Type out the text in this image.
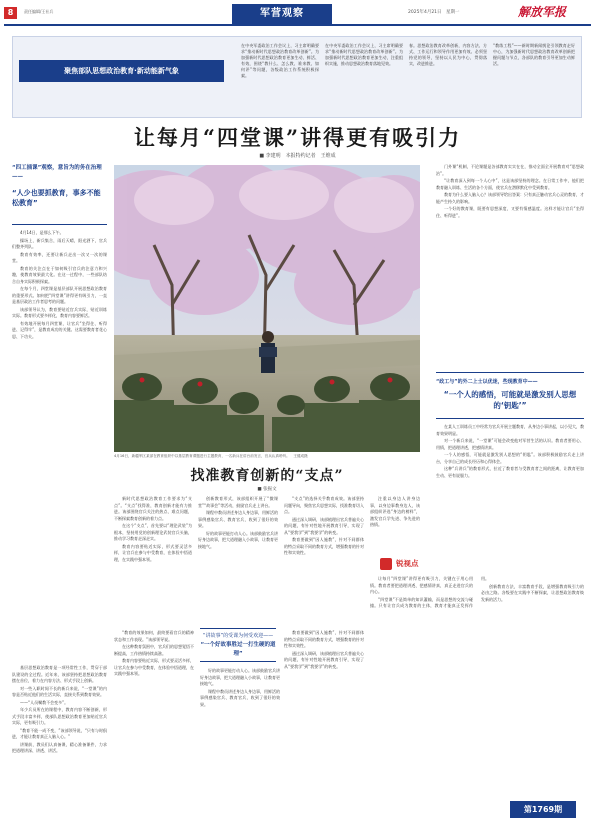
8	责任编辑/王社兵	军营观察	2025年4月21日　星期一	解放军报
聚焦部队思想政治教育·新动能新气象
在中央军委政治工作会议上，习主席明确要求“推动新时代思想政治教育改革创新”。为加强新时代思想政治教育更加生动、鲜活、有效，围绕“教什么、怎么教、谁来教、如何评”等问题，各级政治工作系统积极探索。
在中央军委政治工作会议上，习主席明确要求“推动新时代思想政治教育改革创新”。为加强新时代思想政治教育更加生动，注重组织实施，推动思想政治教育落地见效。
春。思想政治教育改革创新，内容方法、方式、工作运行和领导作用更加有效。必须坚持党的领导，坚持以人民为中心，贯彻落实，改进推进。
“教练工程”——新时期新闻舆论引领教育走好中心，为加强新时代思想政治教育改革创新把握问题与节点，各部队的教育引导更加生动鲜活。
让每月“四堂课”讲得更有吸引力
■ 李建明　本报特约记者　王维成
“四工插课”观察，意旨为的务在治理——
“人少也要抓教育，事多不能松教育”

4月14日，是那么下午。

操场上，新兵集合，雨后天晴，阳光洒下，官兵们整齐列队。

教育有效率，还要让新兵走出一次又一次的课堂。

教育的关注点在于如何吸引官兵的注意力和兴趣，使教育效果最大化。在这一过程中，一些部队结合自身实际积极探索。

在每个月，四堂课是基层部队开展思想政治教育的重要形式。如何把“四堂课”讲得更有吸引力，一直是基层政治工作者思考的问题。

该部领导认为，教育要贴近官兵实际，贴近训练实际。教育形式要多样化，教育内容要鲜活。

有效地开展每月四堂课，让官兵“坐得住、听得进、记得牢”，是教育成功的关键。这需要教育者花心思、下功夫。

基层思想政治教育是一项经常性工作，贯穿于部队建设的全过程。近年来，该部坚持把思想政治教育摆在首位，着力在内容方法、形式手段上创新。

对一些入职时间不长的新兵来说，“一堂课”的内容是否贴近他们的生活实际，直接关系到教育效果。

——“人员嘱教不会变多”。

年少兵员所在的课程中，教育内容不断创新，形式手段丰富多样，使部队思想政治教育更加贴近官兵实际，更有吸引力。

“教育不能一成不变，”该部领导说，“只有与时俱进，才能让教育真正入脑入心。”

讲课前，教员们认真备课，精心准备课件，力求把道理讲深、讲透、讲活。

4月16日，新疆军区某部在教育组织中以基层教育课题进行主题教育，一名新兵在讲台前发言，官兵认真聆听。　王健成摄

门外课“机制，不论课题是各部教育实实在在，推动全面全开展教育对“思想政治”。

“让教育深入到每一个人心中”，这是该部坚持的理念。在日常工作中，他们把教育融入训练、生活的各个方面，使官兵在潜移默化中受到教育。

教育为什么要入脑入心？该部领导给出答案：只有真正触动官兵心灵的教育，才能产生持久的影响。

一个好的教育课，既要有思想深度，又要有情感温度。这样才能让官兵“坐得住、听得进”。

“政工与”的外二上士以优迷，些现教育中——
“一个人的感悟，可能就是激发别人思想的‘钥匙’”

在某人工训练员工中经常为官兵开展主题教育，从身边小事讲起，以小见大，教育效果明显。

对一个新兵来说，“一堂课”可能会改变他对军营生活的认识。教育者要用心、用情，把道理讲透，把感情讲真。

一个人的感悟，可能就是激发别人思想的“钥匙”。该部积极鼓励官兵走上讲台，分享自己的成长经历和心得体会。

这种“兵讲兵”的教育形式，拉近了教育者与受教育者之间的距离，让教育更加生动、更有说服力。

找准教育创新的“支点”
■ 张振文

新时代思想政治教育工作要求为“支点”。“支点”找得准，教育创新才能有力推进。该部围绕官兵关注的热点、难点问题，不断探索教育创新的着力点。

在这个“支点”，首先要以“理论武装”为根本，坚持用党的创新理论武装官兵头脑，推动学习教育走深走实。

教育内容要贴近实际，形式要灵活多样，让官兵在参与中受教育，在体验中悟道理，在实践中强本领。

创新教育形式，该部组织开展了“微课堂”“故事会”等活动，鼓励官兵走上讲台。

课程中教员讲述身边人身边事，用鲜活的事例感染官兵、教育官兵，收到了很好的效果。

好的故事更能打动人心。该部鼓励官兵讲好身边故事，把大道理融入小故事，让教育更接地气。

“支点”的选择关乎教育成效。该部坚持问题导向，聚焦官兵思想实际，找准教育切入点。

通过深入调研，该部梳理出官兵普遍关心的问题，有针对性地开展教育引导，实现了从“要我学”到“我要学”的转变。

教育要做到“因人施教”，针对不同群体的特点采取不同的教育方式，增强教育的针对性和实效性。

注重以身边人讲身边事，以身边事教身边人，该部组织评选“身边的榜样”，激发官兵学先进、争先进的热情。

“讲故事”的受课为何受欢迎——
“一个好故事胜过一打生硬的道理”

“教育的效果如何，最终要看官兵的精神状态和工作表现。”该部领导说。

在这种教育氛围中，官兵们的思想觉悟不断提高，工作热情持续高涨。

教育内容要贴近实际，形式要灵活多样，让官兵在参与中受教育，在体验中悟道理，在实践中强本领。

好的故事更能打动人心。该部鼓励官兵讲好身边故事，把大道理融入小故事，让教育更接地气。

课程中教员讲述身边人身边事，用鲜活的事例感染官兵、教育官兵，收到了很好的效果。

教育要做到“因人施教”，针对不同群体的特点采取不同的教育方式，增强教育的针对性和实效性。

通过深入调研，该部梳理出官兵普遍关心的问题，有针对性地开展教育引导，实现了从“要我学”到“我要学”的转变。

锐视点

让每月“四堂课”讲得更有吸引力，关键在于用心用情。教育者要把道理讲透、把感情讲真，真正走进官兵的内心。

“四堂课”不是简单的知识灌输，而是思想的交流与碰撞。只有让官兵成为教育的主体，教育才能真正发挥作用。

创新教育方法，丰富教育手段，是增强教育吸引力的必由之路。各级要在实践中不断探索，让思想政治教育焕发新的活力。

第1769期
